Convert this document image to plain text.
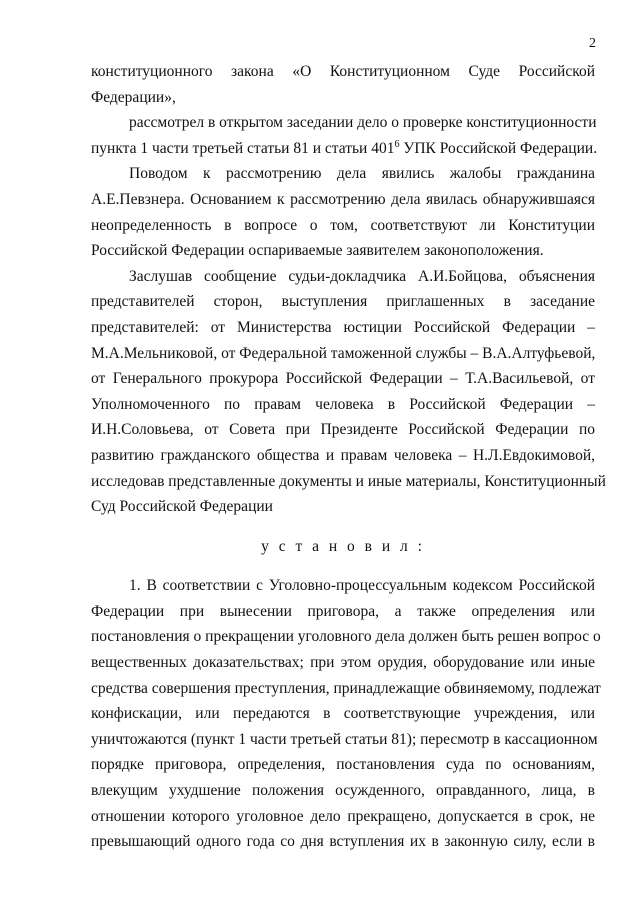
2
конституционного закона «О Конституционном Суде Российской
Федерации»,
рассмотрел в открытом заседании дело о проверке конституционности
пункта 1 части третьей статьи 81 и статьи $401^6$ УПК Российской Федерации.
Поводом к рассмотрению дела явились жалобы гражданина
А.Е.Певзнера. Основанием к рассмотрению дела явилась обнаружившаяся
неопределенность в вопросе о том, соответствуют ли Конституции
Российской Федерации оспариваемые заявителем законоположения.
Заслушав сообщение судьи-докладчика А.И.Бойцова, объяснения
представителей сторон, выступления приглашенных в заседание
представителей: от Министерства юстиции Российской Федерации –
М.А.Мельниковой, от Федеральной таможенной службы – В.А.Алтуфьевой,
от Генерального прокурора Российской Федерации – Т.А.Васильевой, от
Уполномоченного по правам человека в Российской Федерации –
И.Н.Соловьева, от Совета при Президенте Российской Федерации по
развитию гражданского общества и правам человека – Н.Л.Евдокимовой,
исследовав представленные документы и иные материалы, Конституционный
Суд Российской Федерации
у с т а н о в и л :
1. В соответствии с Уголовно-процессуальным кодексом Российской
Федерации при вынесении приговора, а также определения или
постановления о прекращении уголовного дела должен быть решен вопрос о
вещественных доказательствах; при этом орудия, оборудование или иные
средства совершения преступления, принадлежащие обвиняемому, подлежат
конфискации, или передаются в соответствующие учреждения, или
уничтожаются (пункт 1 части третьей статьи 81); пересмотр в кассационном
порядке приговора, определения, постановления суда по основаниям,
влекущим ухудшение положения осужденного, оправданного, лица, в
отношении которого уголовное дело прекращено, допускается в срок, не
превышающий одного года со дня вступления их в законную силу, если в
